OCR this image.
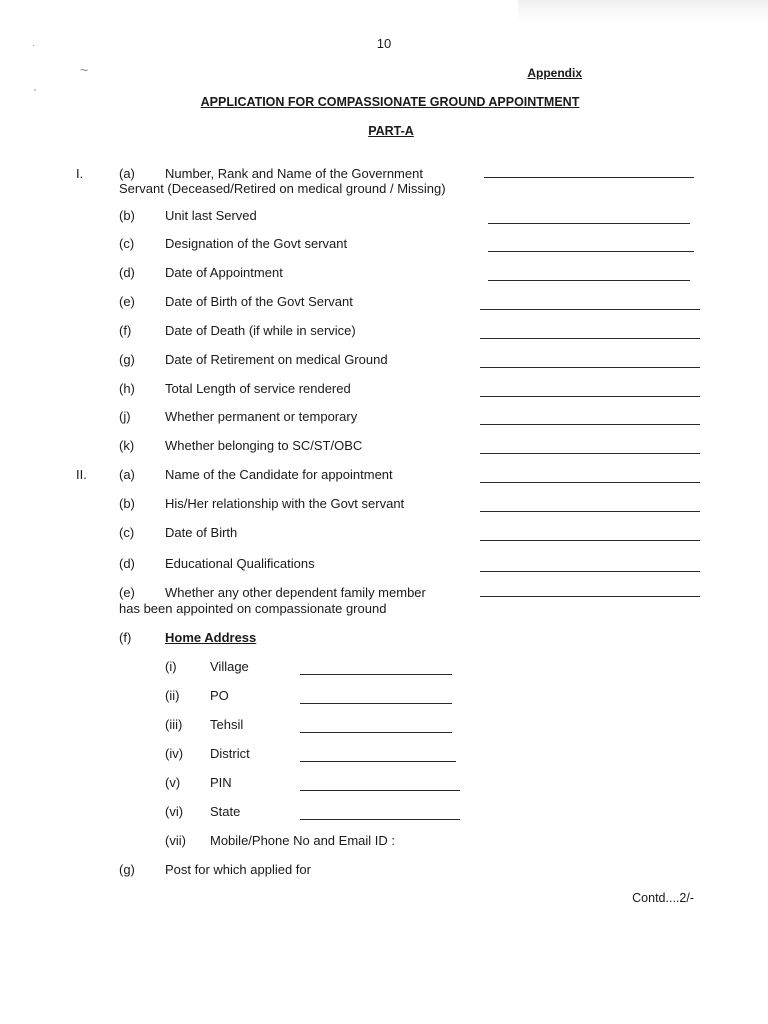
·
~
'
10
Appendix
APPLICATION FOR COMPASSIONATE GROUND APPOINTMENT
PART-A
I.	(a) Number, Rank and Name of the Government
Servant (Deceased/Retired on medical ground / Missing)
(b) Unit last Served
(c) Designation of the Govt servant
(d) Date of Appointment
(e) Date of Birth of the Govt Servant
(f)	Date of Death (if while in service)
(g) Date of Retirement on medical Ground
(h) Total Length of service rendered
(j)	Whether permanent or temporary
(k) Whether belonging to SC/ST/OBC
II. (a) Name of the Candidate for appointment
(b) His/Her relationship with the Govt servant
(c) Date of Birth
(d) Educational Qualifications
(e) Whether any other dependent family member
has been appointed on compassionate ground
(f)	Home Address
(i)	Village
(ii) PO
(iii) Tehsil
(iv) District
(v) PIN
(vi) State
(vii) Mobile/Phone No and Email ID :
(g) Post for which applied for
Contd....2/-
